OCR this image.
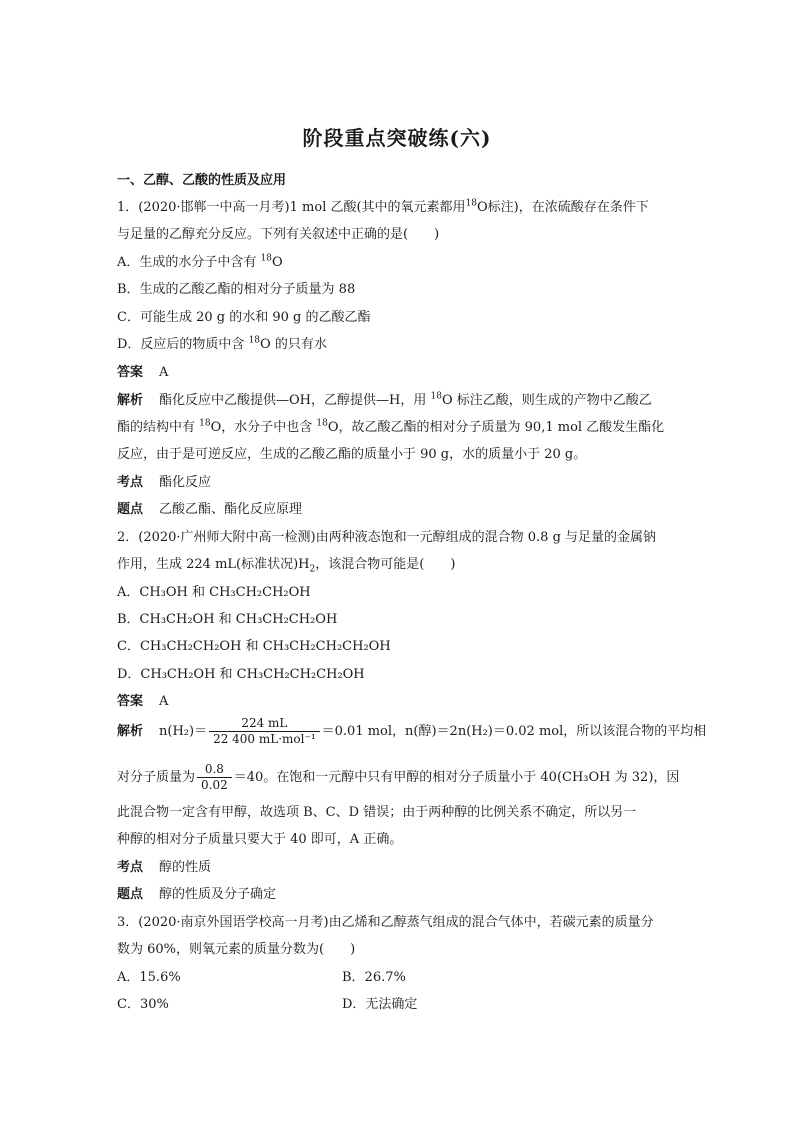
阶段重点突破练(六)
一、乙醇、乙酸的性质及应用
1．(2020·邯郸一中高一月考)1 mol 乙酸(其中的氧元素都用$^{18}$O标注)，在浓硫酸存在条件下
与足量的乙醇充分反应。下列有关叙述中正确的是(　　)
A．生成的水分子中含有 $^{18}$O
B．生成的乙酸乙酯的相对分子质量为 88
C．可能生成 20 g 的水和 90 g 的乙酸乙酯
D．反应后的物质中含 $^{18}$O 的只有水
答案 A
解析 酯化反应中乙酸提供—OH，乙醇提供—H，用 $^{18}$O 标注乙酸，则生成的产物中乙酸乙
酯的结构中有 $^{18}$O，水分子中也含 $^{18}$O，故乙酸乙酯的相对分子质量为 90,1 mol 乙酸发生酯化
反应，由于是可逆反应，生成的乙酸乙酯的质量小于 90 g，水的质量小于 20 g。
考点 酯化反应
题点 乙酸乙酯、酯化反应原理
2．(2020·广州师大附中高一检测)由两种液态饱和一元醇组成的混合物 0.8 g 与足量的金属钠
作用，生成 224 mL(标准状况)$H_2$，该混合物可能是(　　)
A．CH₃OH 和 CH₃CH₂CH₂OH
B．CH₃CH₂OH 和 CH₃CH₂CH₂OH
C．CH₃CH₂CH₂OH 和 CH₃CH₂CH₂CH₂OH
D．CH₃CH₂OH 和 CH₃CH₂CH₂CH₂OH
答案 A
解析 $n(H_2)= \frac{224 mL}{\text{22 400 mL·mol⁻¹}} =0.01$ mol，n(醇)＝2n(H₂)＝0.02 mol，所以该混合物的平均相
对分子质量为 $\frac{0.8}{0.02} =40$。在饱和一元醇中只有甲醇的相对分子质量小于 40(CH₃OH 为 32)，因
此混合物一定含有甲醇，故选项 B、C、D 错误；由于两种醇的比例关系不确定，所以另一
种醇的相对分子质量只要大于 40 即可，A 正确。
考点 醇的性质
题点 醇的性质及分子确定
3．(2020·南京外国语学校高一月考)由乙烯和乙醇蒸气组成的混合气体中，若碳元素的质量分
数为 60%，则氧元素的质量分数为(　　)
A．15.6%	B．26.7%
C．30%	D．无法确定
